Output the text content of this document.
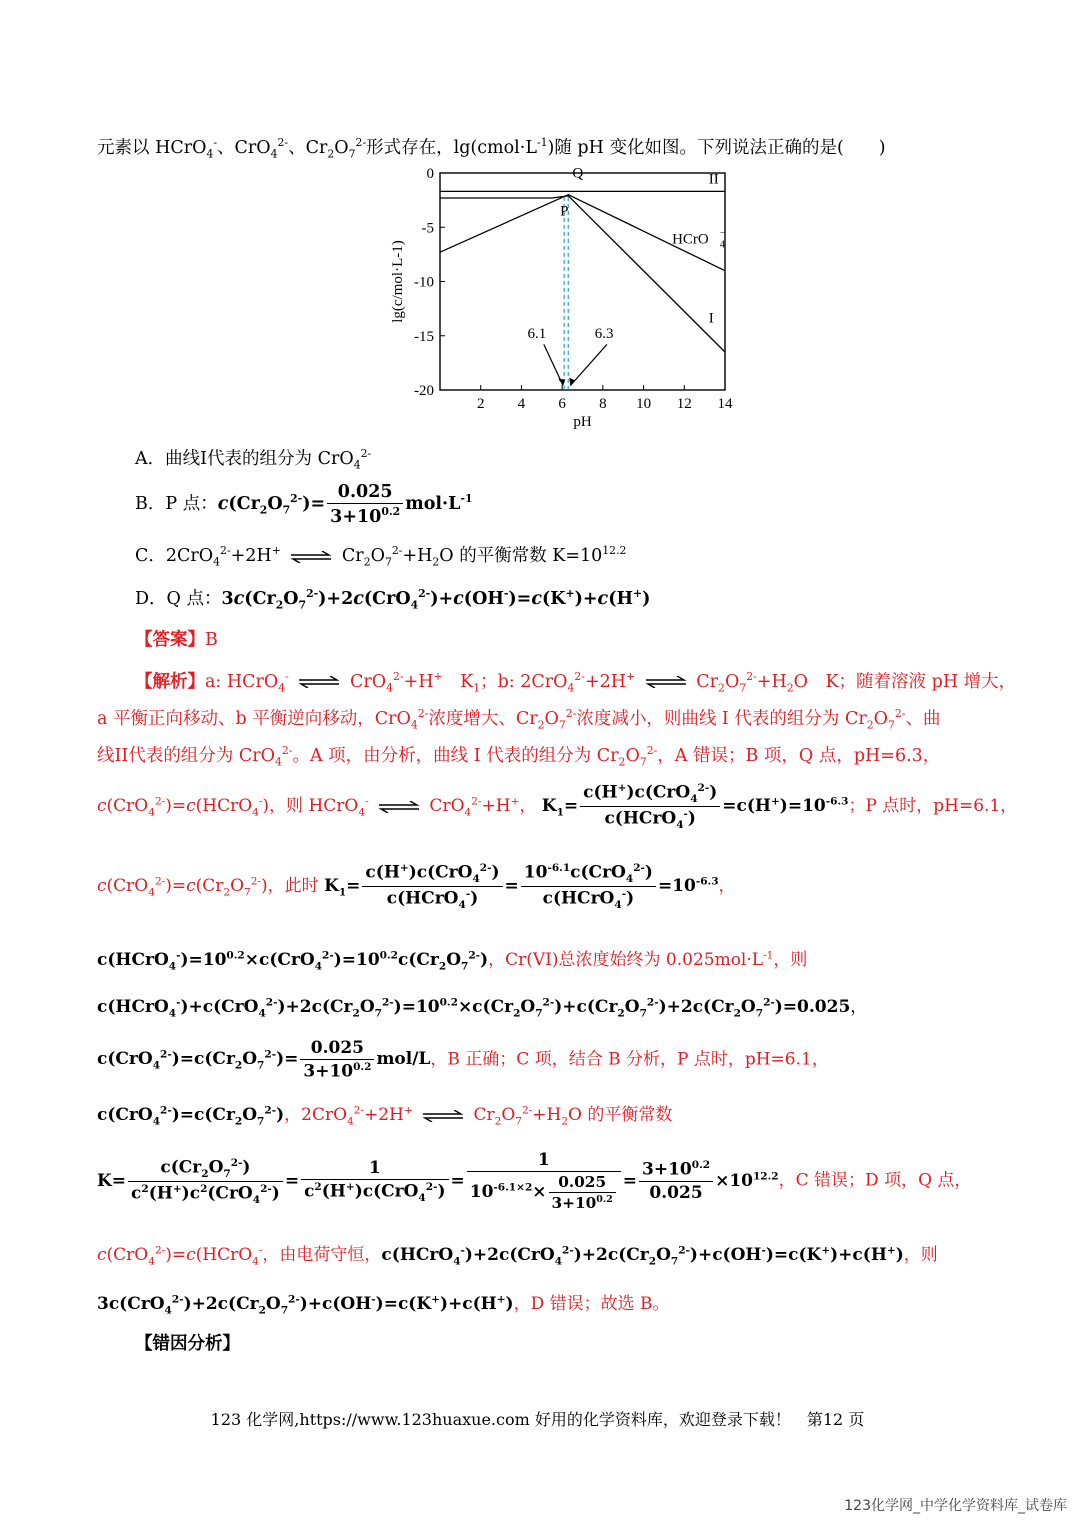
元素以 HCrO$_4$-、CrO$_4^{2-}$、$Cr_2O_7^{2-}$形式存在，$\lg(cmol\cdot L^{-1})$随 pH 变化如图。下列说法正确的是(　　)
2 4 6 8 10 12 14
0
-5
-10
-15
-20
pH
lg(c/mol·L-1)
II
HCrO
I
−
4
P
Q
6.1	6.3
A．曲线I代表的组分为 CrO$_4^{2-}$
B．P 点：$c(Cr_2O_7^{2-})= \frac{0.025}{3+10^{0.2}} mol\cdot L^{-1}$
C．2CrO$_4^{2-}$+2H+ ⇌ $Cr_2O_7^{2-}+H_2O$ 的平衡常数 $K=10^{12.2}$
D．Q 点：$3c(Cr_2O_7^{2-})+2c(CrO_4^{2-})+c(OH^-)=c(K^+)+c(H^+)$
【答案】B
【解析】a: HCrO$_4$- ⇌ CrO$_4^{2-}$+H+　$K_1$；b: 2CrO$_4^{2-}$+2H+ ⇌ $Cr_2O_7^{2-}+H_2O$　K；随着溶液 pH 增大，
a 平衡正向移动、b 平衡逆向移动，CrO$_4^{2-}$浓度增大、$Cr_2O_7^{2-}$浓度减小，则曲线 I 代表的组分为 $Cr_2O_7^{2-}$、曲
线II代表的组分为 CrO$_4^{2-}$。A 项，由分析，曲线 I 代表的组分为 $Cr_2O_7^{2-}$，A 错误；B 项，Q 点，pH=6.3，
c(CrO$_4^{2-}$)=c(HCrO$_4$-)，则 HCrO$_4$- ⇌ CrO$_4^{2-}$+H+， $K_1= \frac{c(H^+)c(CrO_4^{2-})}{c(HCrO_4^-)} =c(H^+)=10^{-6.3}$；P 点时，pH=6.1，
$c(CrO_4^{2-})=c(Cr_2O_7^{2-})$，此时 $K_1= \frac{c(H^+)c(CrO_4^{2-})}{c(HCrO_4^-)} = \frac{10^{-6.1}c(CrO_4^{2-})}{c(HCrO_4^-)} =10^{-6.3}$，
$c(HCrO_4^-)=10^{0.2}\times c(CrO_4^{2-})=10^{0.2}c(Cr_2O_7^{2-})$，Cr(VI)总浓度始终为 $0.025mol\cdot L^{-1}$，则
$c(HCrO_4^-)+c(CrO_4^{2-})+2c(Cr_2O_7^{2-})=10^{0.2}\times c(Cr_2O_7^{2-})+c(Cr_2O_7^{2-})+2c(Cr_2O_7^{2-})=0.025$，
$c(CrO_4^{2-})=c(Cr_2O_7^{2-})= \frac{0.025}{3+10^{0.2}} mol/L$，B 正确；C 项，结合 B 分析，P 点时，pH=6.1，
$c(CrO_4^{2-})=c(Cr_2O_7^{2-})$，2CrO$_4^{2-}$+2H+ ⇌ $Cr_2O_7^{2-}+H_2O$ 的平衡常数
$K= \frac{c(Cr_2O_7^{2-})}{c^2(H^+)c^2(CrO_4^{2-})} = \frac{1}{c^2(H^+)c(CrO_4^{2-})} = \frac{1}{10^{-6.1\times 2}\times \frac{0.025}{3+10^{0.2}}} = \frac{3+10^{0.2}}{0.025} \times 10^{12.2}$，C 错误；D 项，Q 点，
c(CrO$_4^{2-}$)=c(HCrO$_4$-，由电荷守恒，$c(HCrO_4^-)+2c(CrO_4^{2-})+2c(Cr_2O_7^{2-})+c(OH^-)=c(K^+)+c(H^+)$，则
$3c(CrO_4^{2-})+2c(Cr_2O_7^{2-})+c(OH^-)=c(K^+)+c(H^+)$，D 错误；故选 B。
【错因分析】
123 化学网,https://www.123huaxue.com 好用的化学资料库，欢迎登录下载！　第12 页
123化学网_中学化学资料库_试卷库
